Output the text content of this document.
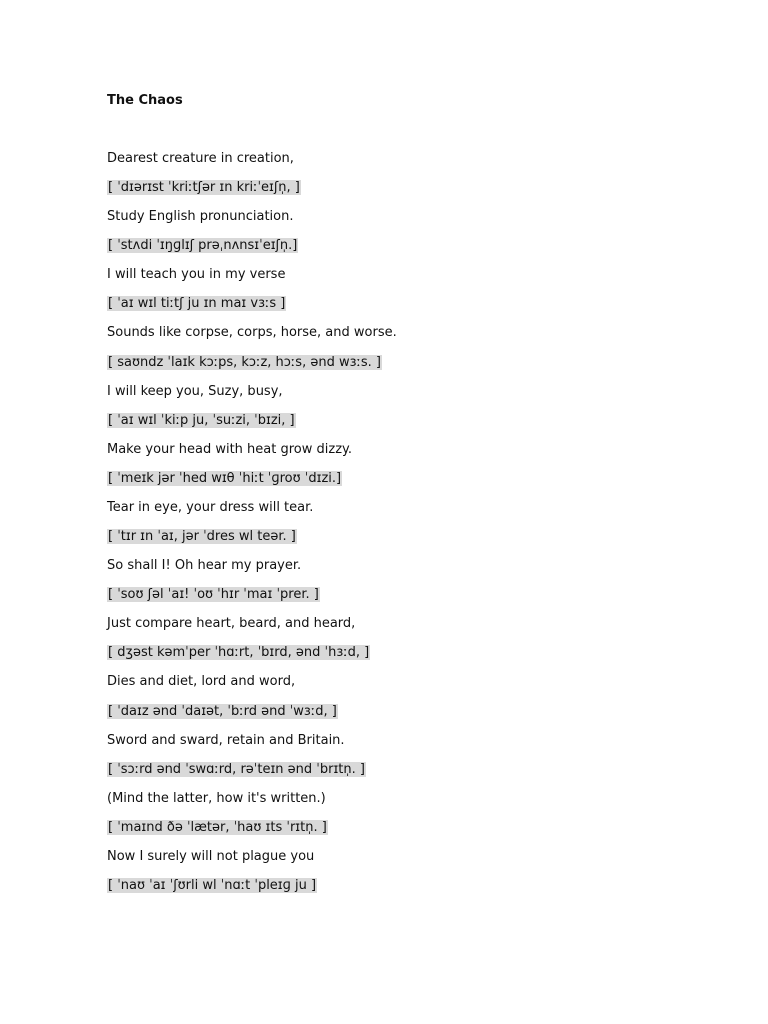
The Chaos
Dearest creature in creation,
[ ˈdɪərɪst ˈkriːtʃər ɪn kriːˈeɪʃn̩, ]
Study English pronunciation.
[ ˈstʌdi ˈɪŋɡlɪʃ prəˌnʌnsɪˈeɪʃn̩.]
I will teach you in my verse
[ ˈaɪ wɪl tiːtʃ ju ɪn maɪ vɜːs ]
Sounds like corpse, corps, horse, and worse.
[ saʊndz ˈlaɪk kɔːps, kɔːz, hɔːs, ənd wɜːs. ]
I will keep you, Suzy, busy,
[ ˈaɪ wɪl ˈkiːp ju, ˈsuːzi, ˈbɪzi, ]
Make your head with heat grow dizzy.
[ ˈmeɪk jər ˈhed wɪθ ˈhiːt ˈɡroʊ ˈdɪzi.]
Tear in eye, your dress will tear.
[ ˈtɪr ɪn ˈaɪ, jər ˈdres wl teər. ]
So shall I! Oh hear my prayer.
[ ˈsoʊ ʃəl ˈaɪ! ˈoʊ ˈhɪr ˈmaɪ ˈprer. ]
Just compare heart, beard, and heard,
[ dʒəst kəmˈper ˈhɑːrt, ˈbɪrd, ənd ˈhɜːd, ]
Dies and diet, lord and word,
[ ˈdaɪz ənd ˈdaɪət, ˈbːrd ənd ˈwɜːd, ]
Sword and sward, retain and Britain.
[ ˈsɔːrd ənd ˈswɑːrd, rəˈteɪn ənd ˈbrɪtn̩. ]
(Mind the latter, how it's written.)
[ ˈmaɪnd ðə ˈlætər, ˈhaʊ ɪts ˈrɪtn̩. ]
Now I surely will not plague you
[ ˈnaʊ ˈaɪ ˈʃʊrli wl ˈnɑːt ˈpleɪɡ ju ]
